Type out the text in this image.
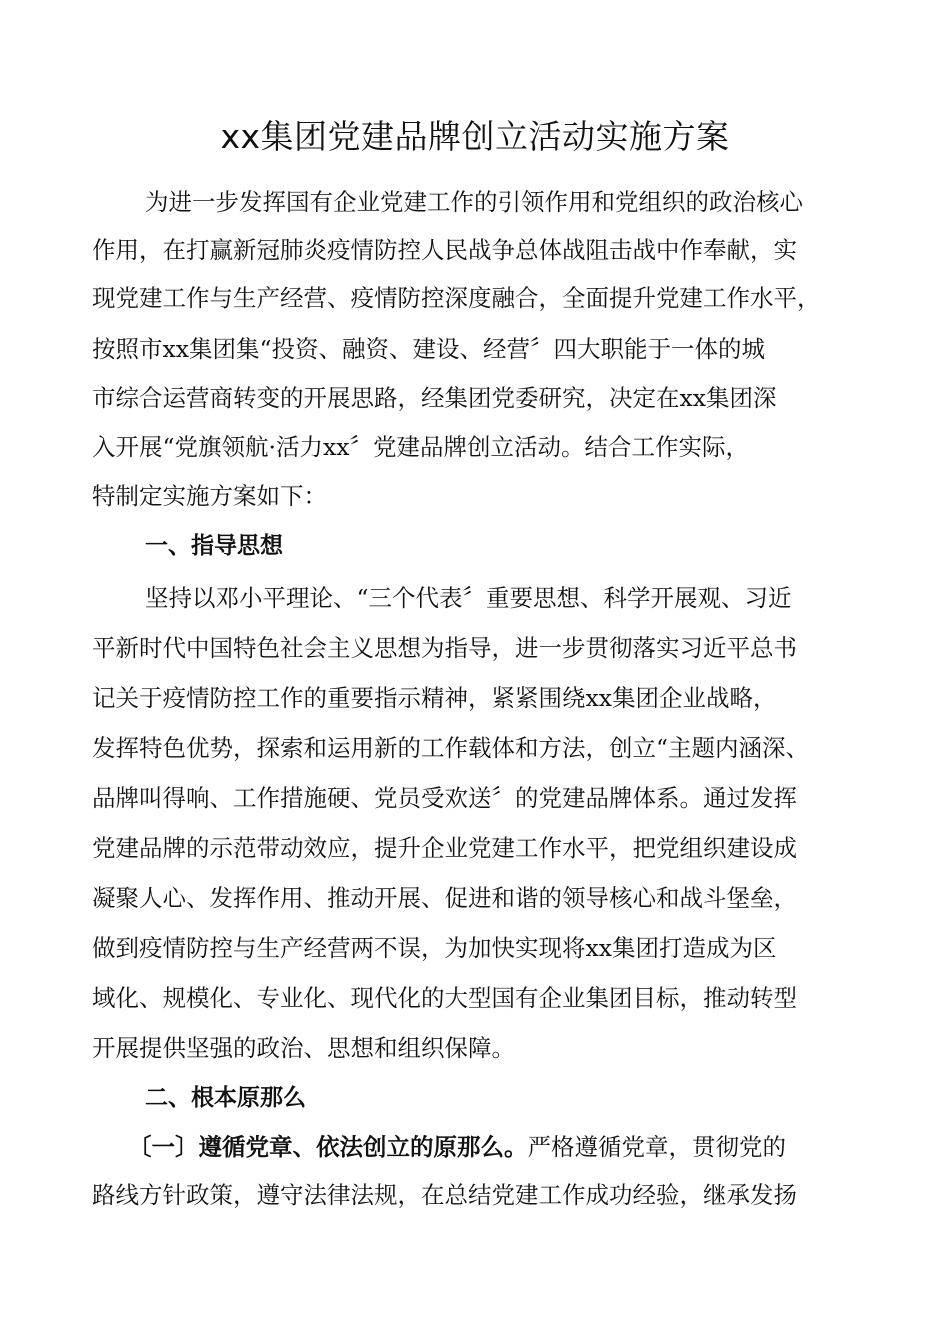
xx集团党建品牌创立活动实施方案

为进一步发挥国有企业党建工作的引领作用和党组织的政治核心

作用，在打赢新冠肺炎疫情防控人民战争总体战阻击战中作奉献，实

现党建工作与生产经营、疫情防控深度融合，全面提升党建工作水平，

按照市xx集团集“投资、融资、建设、经营〞四大职能于一体的城

市综合运营商转变的开展思路，经集团党委研究，决定在xx集团深

入开展“党旗领航·活力xx〞党建品牌创立活动。结合工作实际，

特制定实施方案如下：

一、指导思想

坚持以邓小平理论、“三个代表〞重要思想、科学开展观、习近

平新时代中国特色社会主义思想为指导，进一步贯彻落实习近平总书

记关于疫情防控工作的重要指示精神，紧紧围绕xx集团企业战略，

发挥特色优势，探索和运用新的工作载体和方法，创立“主题内涵深、

品牌叫得响、工作措施硬、党员受欢送〞的党建品牌体系。通过发挥

党建品牌的示范带动效应，提升企业党建工作水平，把党组织建设成

凝聚人心、发挥作用、推动开展、促进和谐的领导核心和战斗堡垒，

做到疫情防控与生产经营两不误，为加快实现将xx集团打造成为区

域化、规模化、专业化、现代化的大型国有企业集团目标，推动转型

开展提供坚强的政治、思想和组织保障。

二、根本原那么

〔一〕遵循党章、依法创立的原那么。严格遵循党章，贯彻党的

路线方针政策，遵守法律法规，在总结党建工作成功经验，继承发扬
